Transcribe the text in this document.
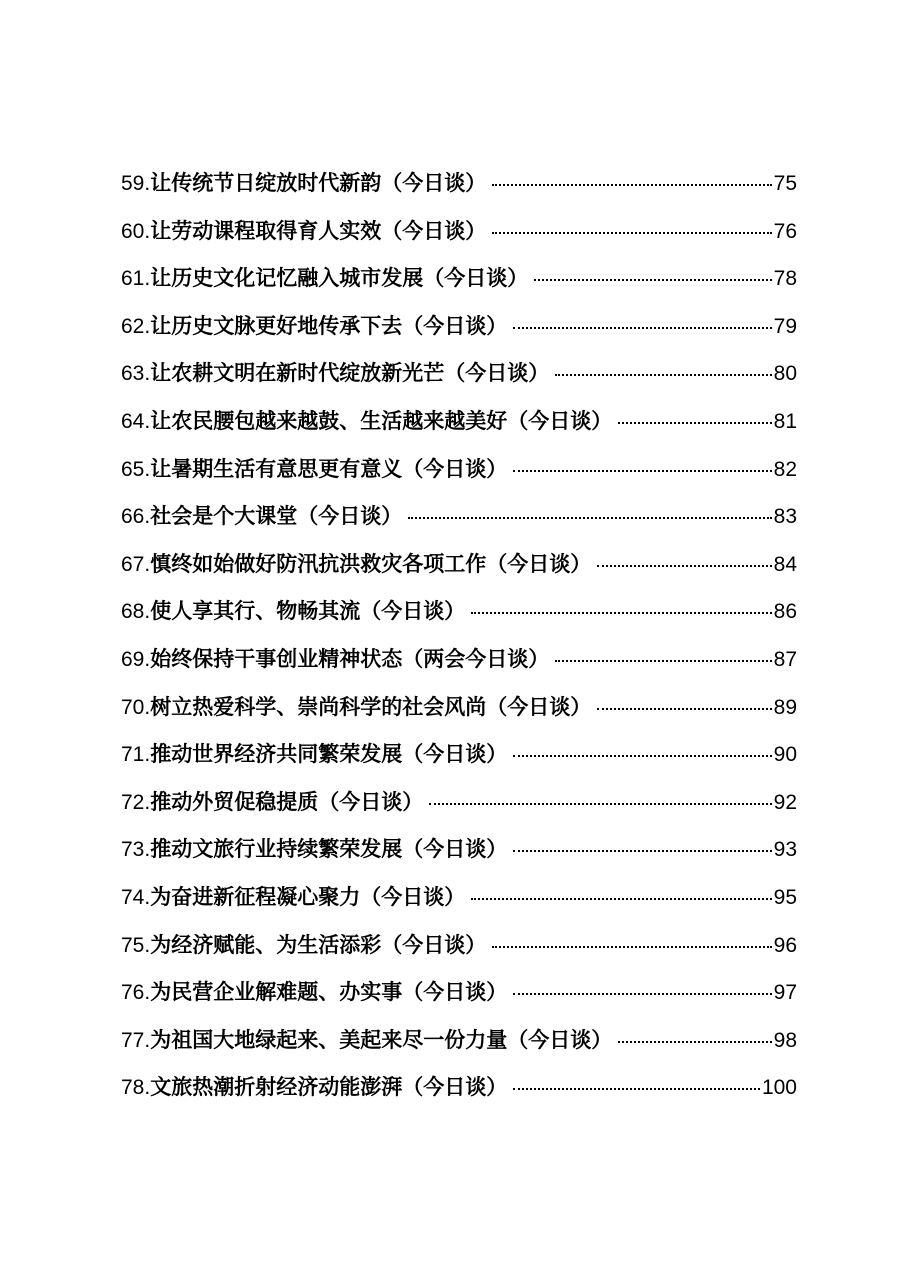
59. 让传统节日绽放时代新韵（今日谈）	75
60. 让劳动课程取得育人实效（今日谈）	76
61. 让历史文化记忆融入城市发展（今日谈）	78
62. 让历史文脉更好地传承下去（今日谈）	79
63. 让农耕文明在新时代绽放新光芒（今日谈）	80
64. 让农民腰包越来越鼓、生活越来越美好（今日谈）	81
65. 让暑期生活有意思更有意义（今日谈）	82
66. 社会是个大课堂（今日谈）	83
67. 慎终如始做好防汛抗洪救灾各项工作（今日谈）	84
68. 使人享其行、物畅其流（今日谈）	86
69. 始终保持干事创业精神状态（两会今日谈）	87
70. 树立热爱科学、崇尚科学的社会风尚（今日谈）	89
71. 推动世界经济共同繁荣发展（今日谈）	90
72. 推动外贸促稳提质（今日谈）	92
73. 推动文旅行业持续繁荣发展（今日谈）	93
74. 为奋进新征程凝心聚力（今日谈）	95
75. 为经济赋能、为生活添彩（今日谈）	96
76. 为民营企业解难题、办实事（今日谈）	97
77. 为祖国大地绿起来、美起来尽一份力量（今日谈）	98
78. 文旅热潮折射经济动能澎湃（今日谈）	100
